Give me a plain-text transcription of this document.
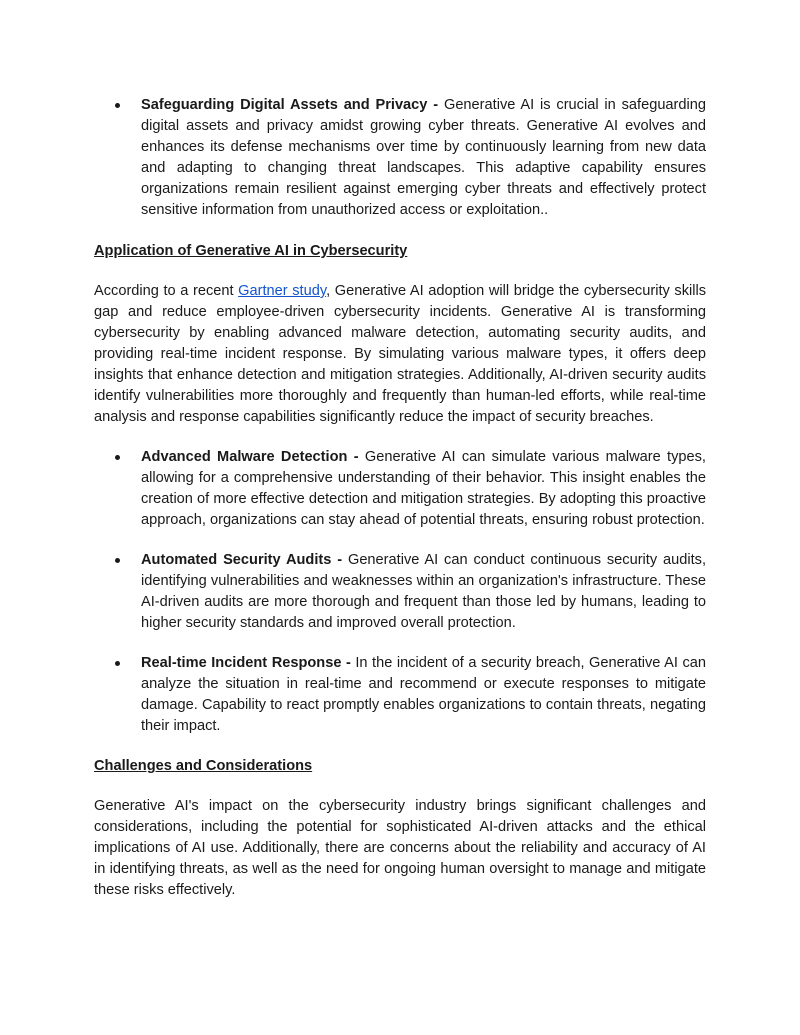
Safeguarding Digital Assets and Privacy - Generative AI is crucial in safeguarding digital assets and privacy amidst growing cyber threats. Generative AI evolves and enhances its defense mechanisms over time by continuously learning from new data and adapting to changing threat landscapes. This adaptive capability ensures organizations remain resilient against emerging cyber threats and effectively protect sensitive information from unauthorized access or exploitation..

Application of Generative AI in Cybersecurity

According to a recent Gartner study, Generative AI adoption will bridge the cybersecurity skills gap and reduce employee-driven cybersecurity incidents. Generative AI is transforming cybersecurity by enabling advanced malware detection, automating security audits, and providing real-time incident response. By simulating various malware types, it offers deep insights that enhance detection and mitigation strategies. Additionally, AI-driven security audits identify vulnerabilities more thoroughly and frequently than human-led efforts, while real-time analysis and response capabilities significantly reduce the impact of security breaches.

Advanced Malware Detection - Generative AI can simulate various malware types, allowing for a comprehensive understanding of their behavior. This insight enables the creation of more effective detection and mitigation strategies. By adopting this proactive approach, organizations can stay ahead of potential threats, ensuring robust protection.
Automated Security Audits - Generative AI can conduct continuous security audits, identifying vulnerabilities and weaknesses within an organization's infrastructure. These AI-driven audits are more thorough and frequent than those led by humans, leading to higher security standards and improved overall protection.
Real-time Incident Response - In the incident of a security breach, Generative AI can analyze the situation in real-time and recommend or execute responses to mitigate damage. Capability to react promptly enables organizations to contain threats, negating their impact.

Challenges and Considerations

Generative AI's impact on the cybersecurity industry brings significant challenges and considerations, including the potential for sophisticated AI-driven attacks and the ethical implications of AI use. Additionally, there are concerns about the reliability and accuracy of AI in identifying threats, as well as the need for ongoing human oversight to manage and mitigate these risks effectively.
